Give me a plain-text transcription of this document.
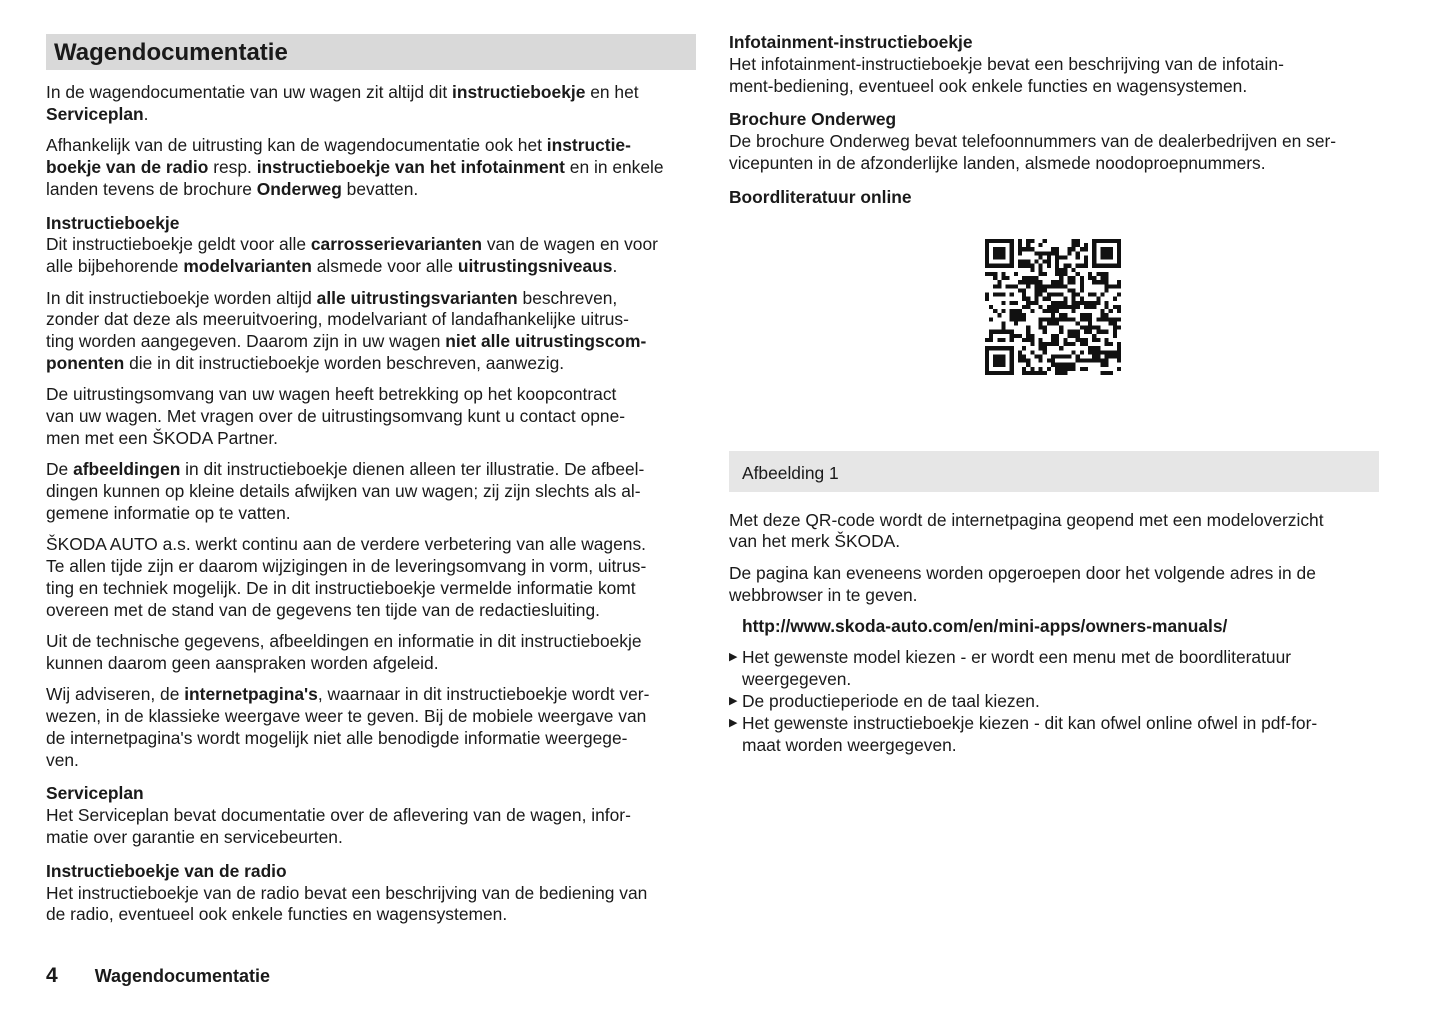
Wagendocumentatie

In de wagendocumentatie van uw wagen zit altijd dit instructieboekje en het
Serviceplan.

Afhankelijk van de uitrusting kan de wagendocumentatie ook het instructie-
boekje van de radio resp. instructieboekje van het infotainment en in enkele
landen tevens de brochure Onderweg bevatten.

Instructieboekje

Dit instructieboekje geldt voor alle carrosserievarianten van de wagen en voor
alle bijbehorende modelvarianten alsmede voor alle uitrustingsniveaus.

In dit instructieboekje worden altijd alle uitrustingsvarianten beschreven,
zonder dat deze als meeruitvoering, modelvariant of landafhankelijke uitrus-
ting worden aangegeven. Daarom zijn in uw wagen niet alle uitrustingscom-
ponenten die in dit instructieboekje worden beschreven, aanwezig.

De uitrustingsomvang van uw wagen heeft betrekking op het koopcontract
van uw wagen. Met vragen over de uitrustingsomvang kunt u contact opne-
men met een ŠKODA Partner.

De afbeeldingen in dit instructieboekje dienen alleen ter illustratie. De afbeel-
dingen kunnen op kleine details afwijken van uw wagen; zij zijn slechts als al-
gemene informatie op te vatten.

ŠKODA AUTO a.s. werkt continu aan de verdere verbetering van alle wagens.
Te allen tijde zijn er daarom wijzigingen in de leveringsomvang in vorm, uitrus-
ting en techniek mogelijk. De in dit instructieboekje vermelde informatie komt
overeen met de stand van de gegevens ten tijde van de redactiesluiting.

Uit de technische gegevens, afbeeldingen en informatie in dit instructieboekje
kunnen daarom geen aanspraken worden afgeleid.

Wij adviseren, de internetpagina's, waarnaar in dit instructieboekje wordt ver-
wezen, in de klassieke weergave weer te geven. Bij de mobiele weergave van
de internetpagina's wordt mogelijk niet alle benodigde informatie weergege-
ven.

Serviceplan

Het Serviceplan bevat documentatie over de aflevering van de wagen, infor-
matie over garantie en servicebeurten.

Instructieboekje van de radio

Het instructieboekje van de radio bevat een beschrijving van de bediening van
de radio, eventueel ook enkele functies en wagensystemen.

Infotainment-instructieboekje

Het infotainment-instructieboekje bevat een beschrijving van de infotain-
ment-bediening, eventueel ook enkele functies en wagensystemen.

Brochure Onderweg

De brochure Onderweg bevat telefoonnummers van de dealerbedrijven en ser-
vicepunten in de afzonderlijke landen, alsmede noodoproepnummers.

Boordliteratuur online
Afbeelding 1

Met deze QR-code wordt de internetpagina geopend met een modeloverzicht
van het merk ŠKODA.

De pagina kan eveneens worden opgeroepen door het volgende adres in de
webbrowser in te geven.

http://www.skoda-auto.com/en/mini-apps/owners-manuals/
▶ Het gewenste model kiezen - er wordt een menu met de boordliteratuur
weergegeven.
▶ De productieperiode en de taal kiezen.
▶ Het gewenste instructieboekje kiezen - dit kan ofwel online ofwel in pdf-for-
maat worden weergegeven.
4 Wagendocumentatie
